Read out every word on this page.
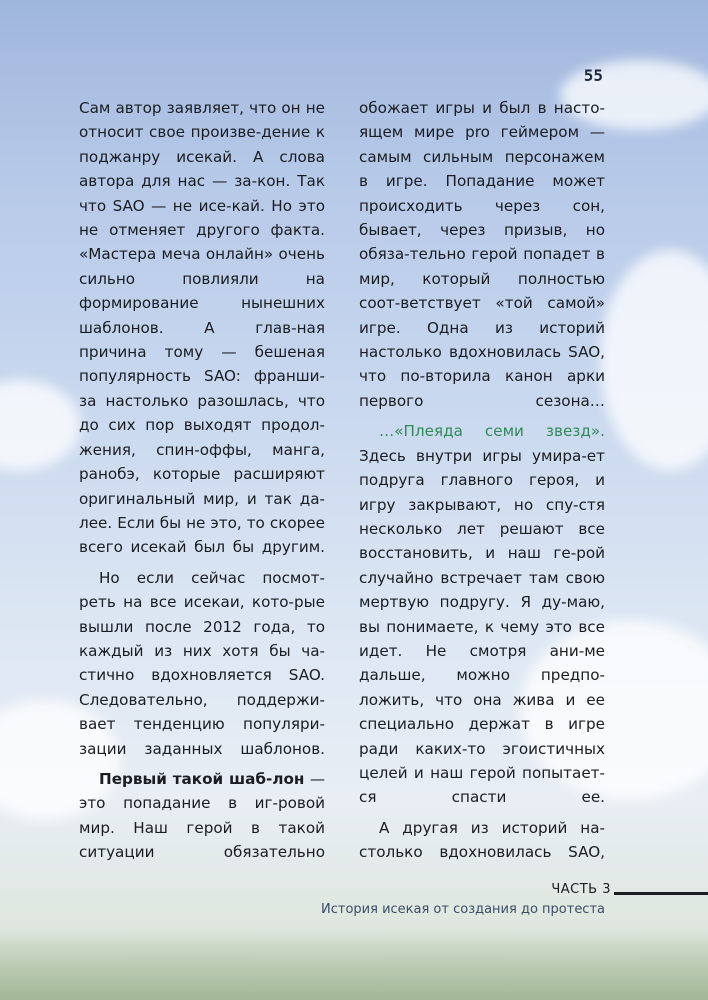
55

Сам автор заявляет, что он не относит свое произве-дение к поджанру исекай. А слова автора для нас — за-кон. Так что SAO — не исе-кай. Но это не отменяет другого факта. «Мастера меча онлайн» очень сильно повлияли на формирование нынешних шаблонов. А глав-ная причина тому — бешеная популярность SAO: франши-за настолько разошлась, что до сих пор выходят продол-жения, спин-оффы, манга, ранобэ, которые расширяют оригинальный мир, и так да-лее. Если бы не это, то скорее всего исекай был бы другим.

Но если сейчас посмот-реть на все исекаи, кото-рые вышли после 2012 года, то каждый из них хотя бы ча-стично вдохновляется SAO. Следовательно, поддержи-вает тенденцию популяри-зации заданных шаблонов.

Первый такой шаб-лон — это попадание в иг-ровой мир. Наш герой в такой ситуации обязательно

обожает игры и был в насто-ящем мире pro геймером — самым сильным персонажем в игре. Попадание может происходить через сон, бывает, через призыв, но обяза-тельно герой попадет в мир, который полностью соот-ветствует «той самой» игре. Одна из историй настолько вдохновилась SAO, что по-вторила канон арки первого сезона…

…«Плеяда семи звезд». Здесь внутри игры умира-ет подруга главного героя, и игру закрывают, но спу-стя несколько лет решают все восстановить, и наш ге-рой случайно встречает там свою мертвую подругу. Я ду-маю, вы понимаете, к чему это все идет. Не смотря ани-ме дальше, можно предпо-ложить, что она жива и ее специально держат в игре ради каких-то эгоистичных целей и наш герой попытает-ся спасти ее.

А другая из историй на-столько вдохновилась SAO,

ЧАСТЬ 3
История исекая от создания до протеста
